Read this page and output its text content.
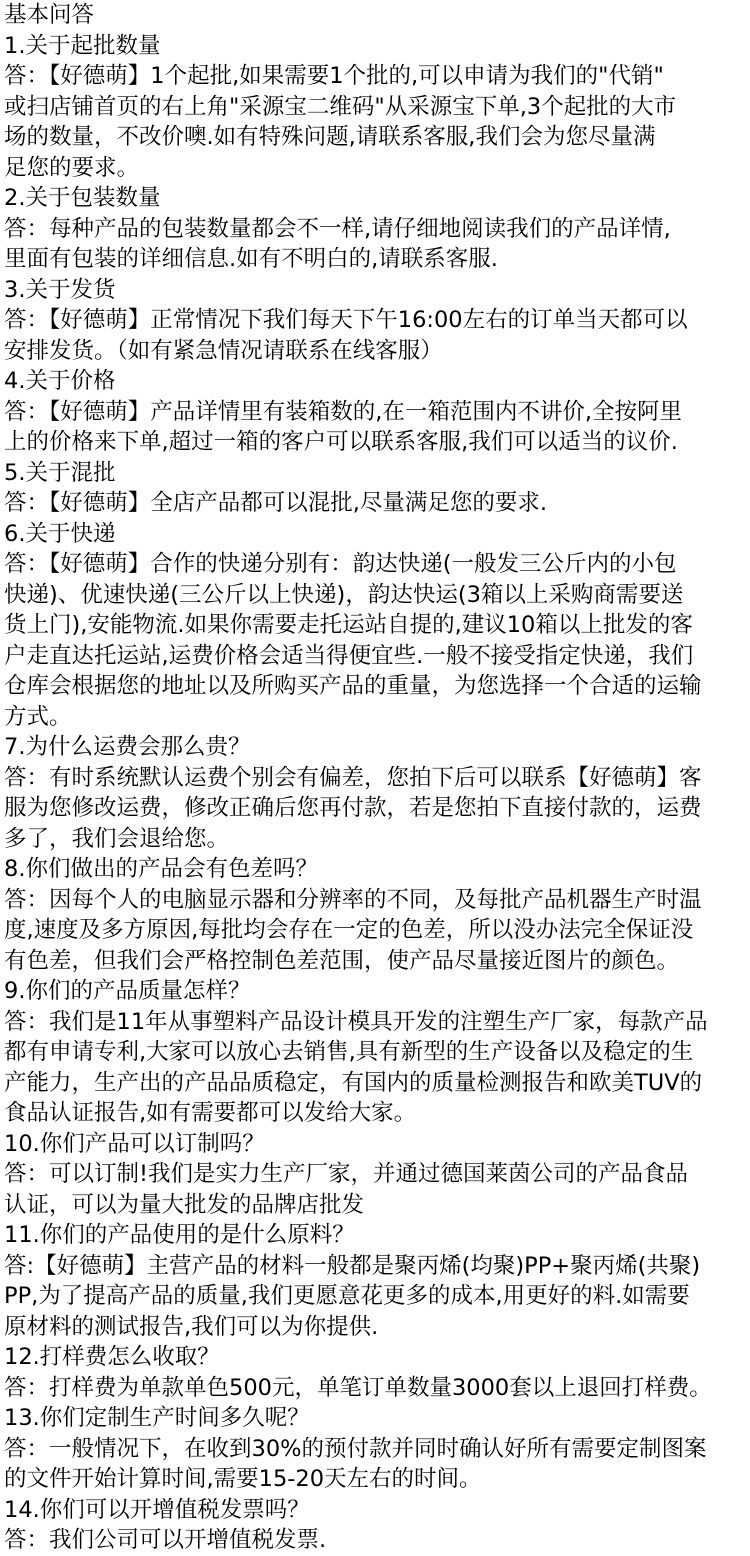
基本问答
1.关于起批数量
答：【好德萌】1个起批,如果需要1个批的,可以申请为我们的"代销"
或扫店铺首页的右上角"采源宝二维码"从采源宝下单,3个起批的大市
场的数量，不改价噢.如有特殊问题,请联系客服,我们会为您尽量满
足您的要求。
2.关于包装数量
答：每种产品的包装数量都会不一样,请仔细地阅读我们的产品详情,
里面有包装的详细信息.如有不明白的,请联系客服.
3.关于发货
答：【好德萌】正常情况下我们每天下午16:00左右的订单当天都可以
安排发货。（如有紧急情况请联系在线客服）
4.关于价格
答：【好德萌】产品详情里有装箱数的,在一箱范围内不讲价,全按阿里
上的价格来下单,超过一箱的客户可以联系客服,我们可以适当的议价.
5.关于混批
答：【好德萌】全店产品都可以混批,尽量满足您的要求.
6.关于快递
答：【好德萌】合作的快递分别有：韵达快递(一般发三公斤内的小包
快递)、优速快递(三公斤以上快递)，韵达快运(3箱以上采购商需要送
货上门),安能物流.如果你需要走托运站自提的,建议10箱以上批发的客
户走直达托运站,运费价格会适当得便宜些.一般不接受指定快递，我们
仓库会根据您的地址以及所购买产品的重量，为您选择一个合适的运输
方式。
7.为什么运费会那么贵？
答：有时系统默认运费个别会有偏差，您拍下后可以联系【好德萌】客
服为您修改运费，修改正确后您再付款，若是您拍下直接付款的，运费
多了，我们会退给您。
8.你们做出的产品会有色差吗？
答：因每个人的电脑显示器和分辨率的不同，及每批产品机器生产时温
度,速度及多方原因,每批均会存在一定的色差，所以没办法完全保证没
有色差，但我们会严格控制色差范围，使产品尽量接近图片的颜色。
9.你们的产品质量怎样？
答：我们是11年从事塑料产品设计模具开发的注塑生产厂家，每款产品
都有申请专利,大家可以放心去销售,具有新型的生产设备以及稳定的生
产能力，生产出的产品品质稳定，有国内的质量检测报告和欧美TUV的
食品认证报告,如有需要都可以发给大家。
10.你们产品可以订制吗？
答：可以订制!我们是实力生产厂家，并通过德国莱茵公司的产品食品
认证，可以为量大批发的品牌店批发
11.你们的产品使用的是什么原料？
答:【好德萌】主营产品的材料一般都是聚丙烯(均聚)PP+聚丙烯(共聚)
PP,为了提高产品的质量,我们更愿意花更多的成本,用更好的料.如需要
原材料的测试报告,我们可以为你提供.
12.打样费怎么收取？
答：打样费为单款单色500元，单笔订单数量3000套以上退回打样费。
13.你们定制生产时间多久呢？
答：一般情况下，在收到30%的预付款并同时确认好所有需要定制图案
的文件开始计算时间,需要15-20天左右的时间。
14.你们可以开增值税发票吗？
答：我们公司可以开增值税发票.
